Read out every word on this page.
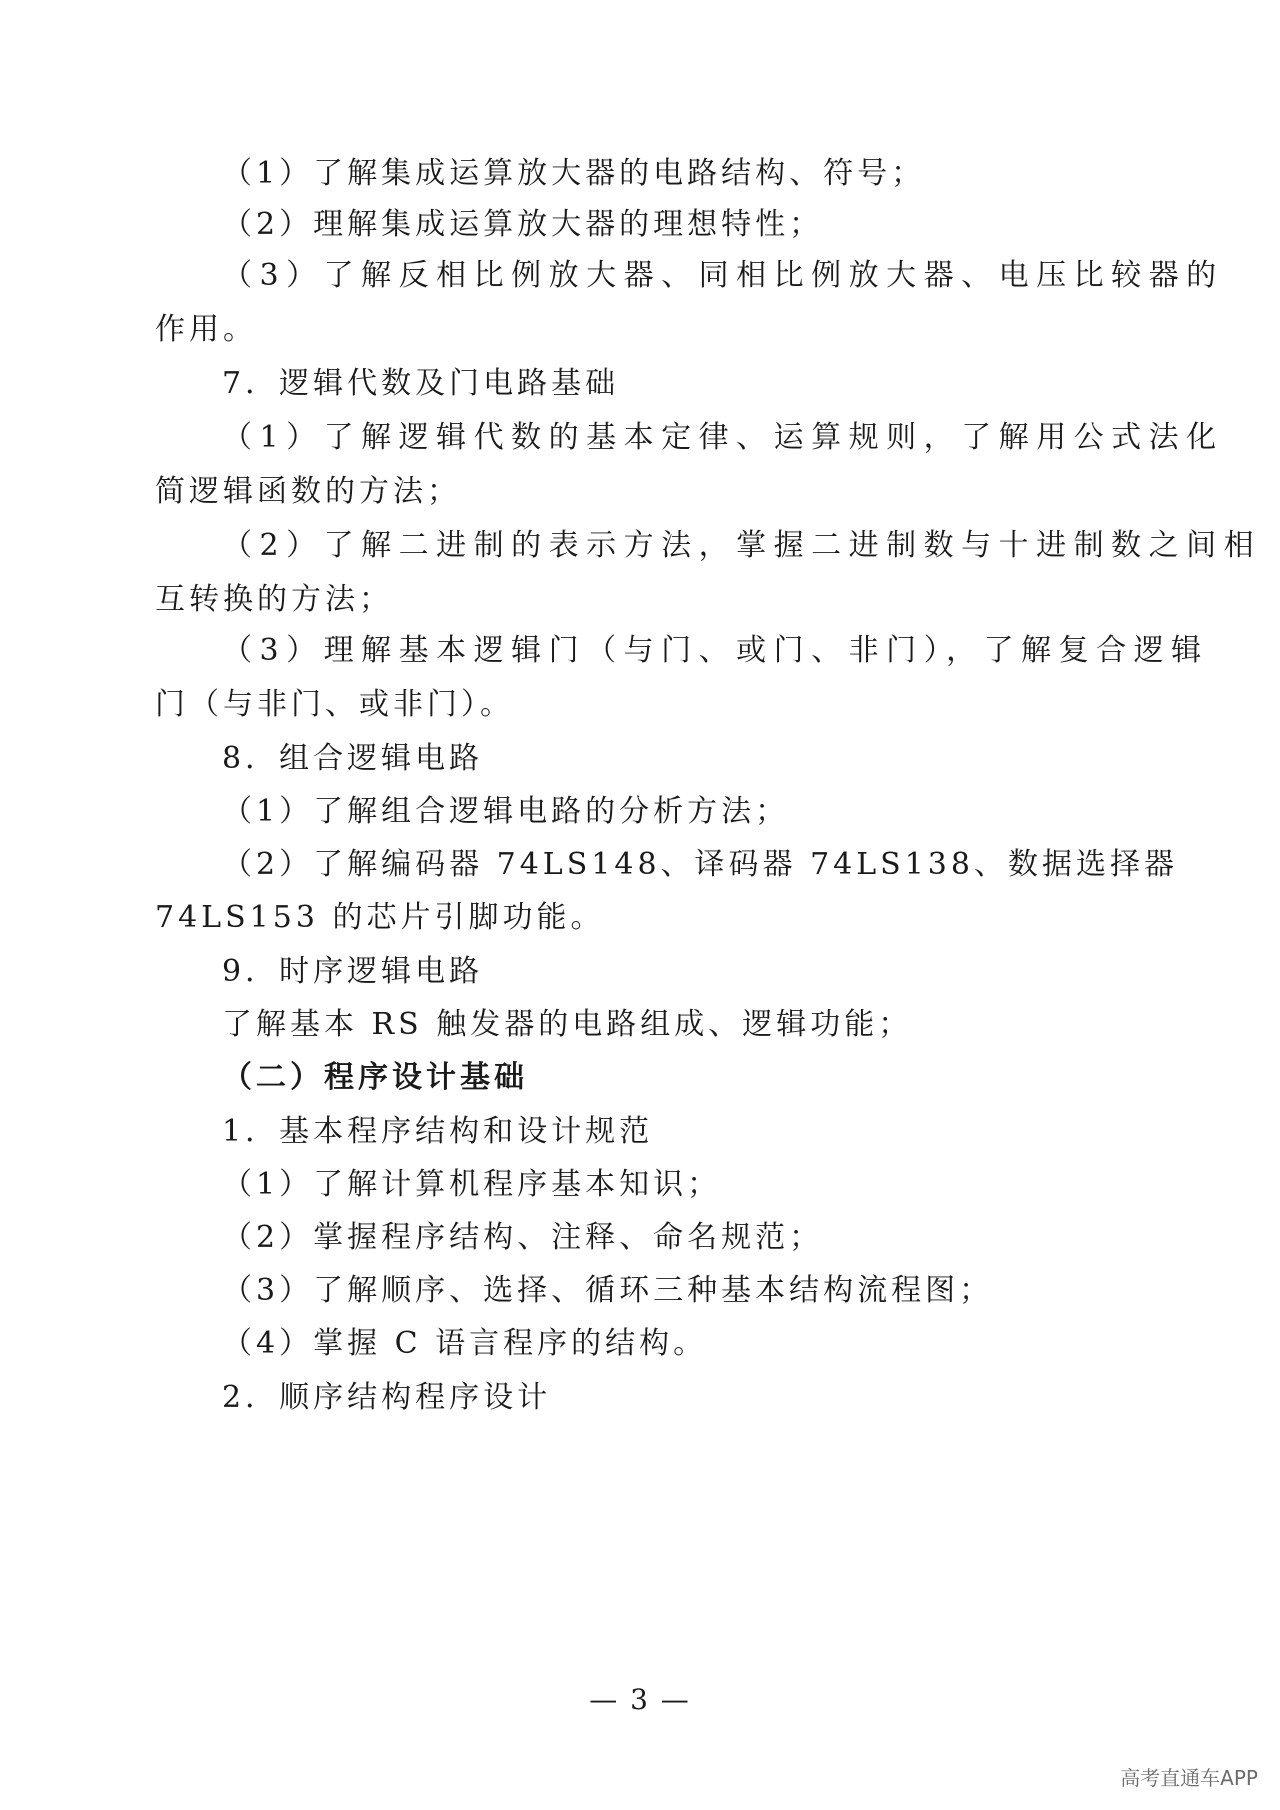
（1）了解集成运算放大器的电路结构、符号；
（2）理解集成运算放大器的理想特性；
（3）了解反相比例放大器、同相比例放大器、电压比较器的
作用。
7．逻辑代数及门电路基础
（1）了解逻辑代数的基本定律、运算规则，了解用公式法化
简逻辑函数的方法；
（2）了解二进制的表示方法，掌握二进制数与十进制数之间相
互转换的方法；
（3）理解基本逻辑门（与门、或门、非门），了解复合逻辑
门（与非门、或非门）。
8．组合逻辑电路
（1）了解组合逻辑电路的分析方法；
（2）了解编码器 74LS148、译码器 74LS138、数据选择器
74LS153 的芯片引脚功能。
9．时序逻辑电路
了解基本 RS 触发器的电路组成、逻辑功能；
（二）程序设计基础
1．基本程序结构和设计规范
（1）了解计算机程序基本知识；
（2）掌握程序结构、注释、命名规范；
（3）了解顺序、选择、循环三种基本结构流程图；
（4）掌握 C 语言程序的结构。
2．顺序结构程序设计
— 3 —
高考直通车APP
